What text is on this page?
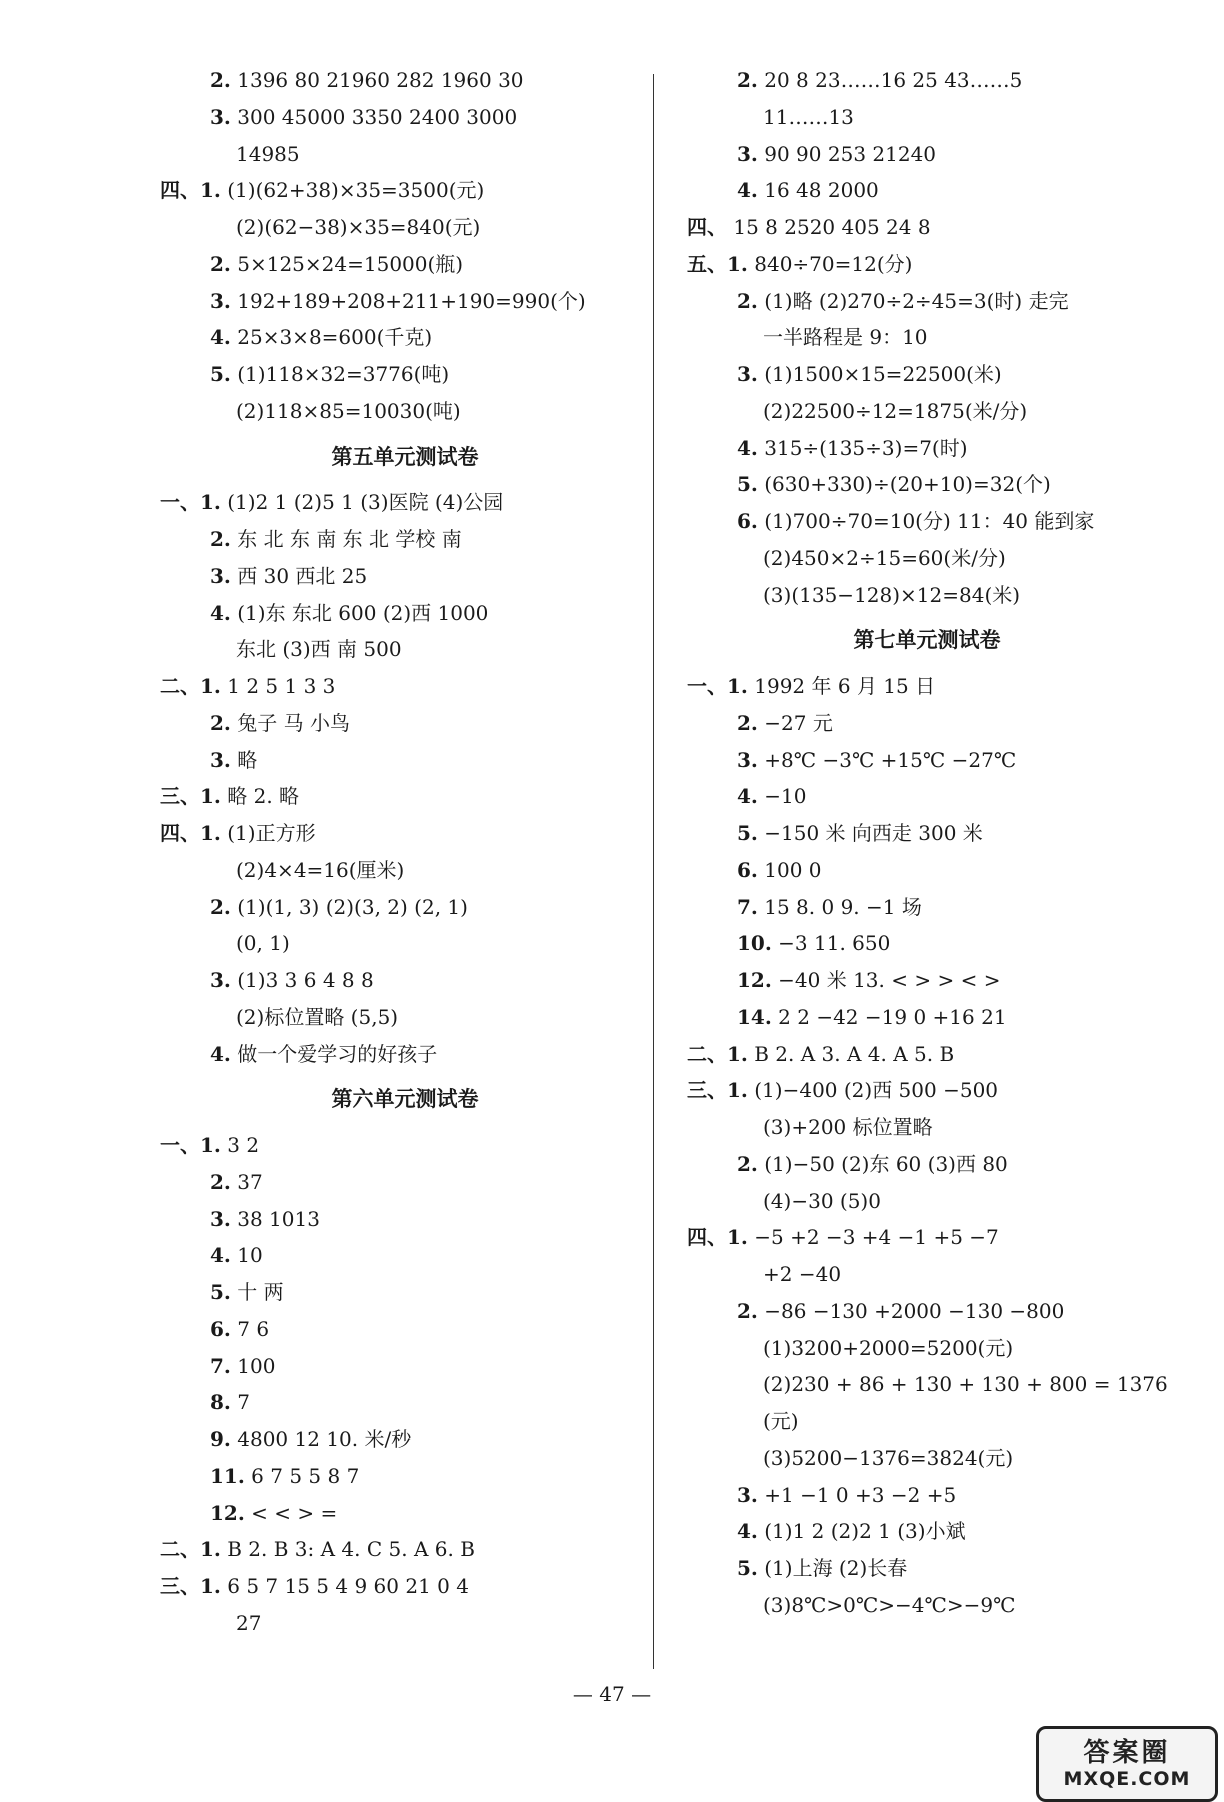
2. 1396 80 21960 282 1960 30
3. 300 45000 3350 2400 3000
14985
四、1. (1)(62+38)×35=3500(元)
(2)(62−38)×35=840(元)
2. 5×125×24=15000(瓶)
3. 192+189+208+211+190=990(个)
4. 25×3×8=600(千克)
5. (1)118×32=3776(吨)
(2)118×85=10030(吨)
第五单元测试卷
一、1. (1)2 1 (2)5 1 (3)医院 (4)公园
2. 东 北 东 南 东 北 学校 南
3. 西 30 西北 25
4. (1)东 东北 600 (2)西 1000
东北 (3)西 南 500
二、1. 1 2 5 1 3 3
2. 兔子 马 小鸟
3. 略
三、1. 略 2. 略
四、1. (1)正方形
(2)4×4=16(厘米)
2. (1)(1, 3) (2)(3, 2) (2, 1)
(0, 1)
3. (1)3 3 6 4 8 8
(2)标位置略 (5,5)
4. 做一个爱学习的好孩子
第六单元测试卷
一、1. 3 2
2. 37
3. 38 1013
4. 10
5. 十 两
6. 7 6
7. 100
8. 7
9. 4800 12 10. 米/秒
11. 6 7 5 5 8 7
12. < < > =
二、1. B 2. B 3: A 4. C 5. A 6. B
三、1. 6 5 7 15 5 4 9 60 21 0 4
27
2. 20 8 23……16 25 43……5
11……13
3. 90 90 253 21240
4. 16 48 2000
四、 15 8 2520 405 24 8
五、1. 840÷70=12(分)
2. (1)略 (2)270÷2÷45=3(时) 走完
一半路程是 9：10
3. (1)1500×15=22500(米)
(2)22500÷12=1875(米/分)
4. 315÷(135÷3)=7(时)
5. (630+330)÷(20+10)=32(个)
6. (1)700÷70=10(分) 11：40 能到家
(2)450×2÷15=60(米/分)
(3)(135−128)×12=84(米)
第七单元测试卷
一、1. 1992 年 6 月 15 日
2. −27 元
3. +8℃ −3℃ +15℃ −27℃
4. −10
5. −150 米 向西走 300 米
6. 100 0
7. 15 8. 0 9. −1 场
10. −3 11. 650
12. −40 米 13. < > > < >
14. 2 2 −42 −19 0 +16 21
二、1. B 2. A 3. A 4. A 5. B
三、1. (1)−400 (2)西 500 −500
(3)+200 标位置略
2. (1)−50 (2)东 60 (3)西 80
(4)−30 (5)0
四、1. −5 +2 −3 +4 −1 +5 −7
+2 −40
2. −86 −130 +2000 −130 −800
(1)3200+2000=5200(元)
(2)230 + 86 + 130 + 130 + 800 = 1376
(元)
(3)5200−1376=3824(元)
3. +1 −1 0 +3 −2 +5
4. (1)1 2 (2)2 1 (3)小斌
5. (1)上海 (2)长春
(3)8℃>0℃>−4℃>−9℃
— 47 —
答案圈
MXQE.COM
